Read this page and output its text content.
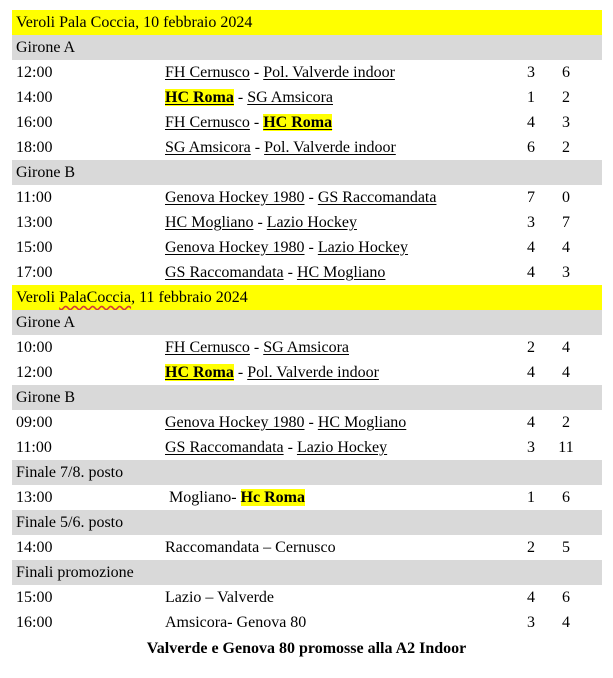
Veroli Pala Coccia, 10 febbraio 2024
Girone A
12:00	FH Cernusco - Pol. Valverde indoor	3	6
14:00	HC Roma - SG Amsicora	1	2
16:00	FH Cernusco - HC Roma	4	3
18:00	SG Amsicora - Pol. Valverde indoor	6	2
Girone B
11:00	Genova Hockey 1980 - GS Raccomandata	7	0
13:00	HC Mogliano - Lazio Hockey	3	7
15:00	Genova Hockey 1980 - Lazio Hockey	4	4
17:00	GS Raccomandata - HC Mogliano	4	3
Veroli PalaCoccia, 11 febbraio 2024
Girone A
10:00	FH Cernusco - SG Amsicora	2	4
12:00	HC Roma - Pol. Valverde indoor	4	4
Girone B
09:00	Genova Hockey 1980 - HC Mogliano	4	2
11:00	GS Raccomandata - Lazio Hockey	3	11
Finale 7/8. posto
13:00	Mogliano- Hc Roma	1	6
Finale 5/6. posto
14:00	Raccomandata – Cernusco	2	5
Finali promozione
15:00	Lazio – Valverde	4	6
16:00	Amsicora- Genova 80	3	4
Valverde e Genova 80 promosse alla A2 Indoor
